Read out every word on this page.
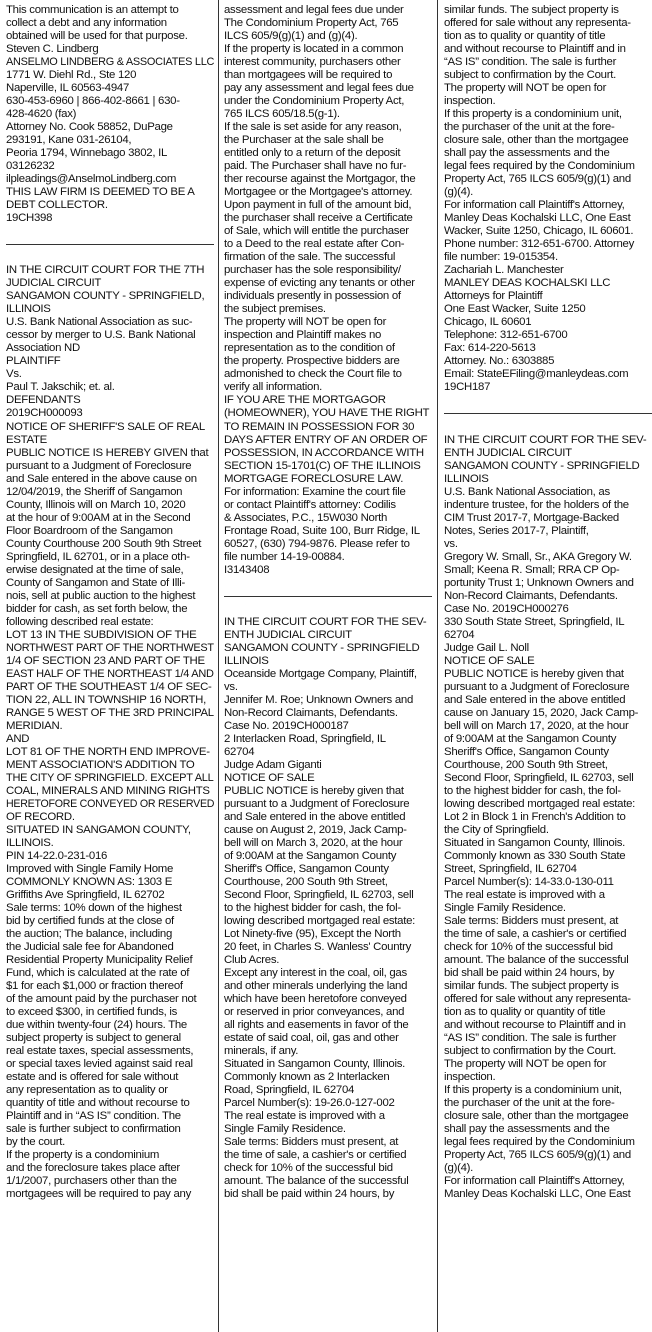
This communication is an attempt to
collect a debt and any information
obtained will be used for that purpose.
Steven C. Lindberg
ANSELMO LINDBERG & ASSOCIATES LLC
1771 W. Diehl Rd., Ste 120
Naperville, IL 60563-4947
630-453-6960 | 866-402-8661 | 630-
428-4620 (fax)
Attorney No. Cook 58852, DuPage
293191, Kane 031-26104,
Peoria 1794, Winnebago 3802, IL
03126232
ilpleadings@AnselmoLindberg.com
THIS LAW FIRM IS DEEMED TO BE A
DEBT COLLECTOR.
19CH398
IN THE CIRCUIT COURT FOR THE 7TH
JUDICIAL CIRCUIT
SANGAMON COUNTY - SPRINGFIELD,
ILLINOIS
U.S. Bank National Association as suc-
cessor by merger to U.S. Bank National
Association ND
PLAINTIFF
Vs.
Paul T. Jakschik; et. al.
DEFENDANTS
2019CH000093
NOTICE OF SHERIFF'S SALE OF REAL
ESTATE
PUBLIC NOTICE IS HEREBY GIVEN that
pursuant to a Judgment of Foreclosure
and Sale entered in the above cause on
12/04/2019, the Sheriff of Sangamon
County, Illinois will on March 10, 2020
at the hour of 9:00AM at in the Second
Floor Boardroom of the Sangamon
County Courthouse 200 South 9th Street
Springfield, IL 62701, or in a place oth-
erwise designated at the time of sale,
County of Sangamon and State of Illi-
nois, sell at public auction to the highest
bidder for cash, as set forth below, the
following described real estate:
LOT 13 IN THE SUBDIVISION OF THE
NORTHWEST PART OF THE NORTHWEST
1/4 OF SECTION 23 AND PART OF THE
EAST HALF OF THE NORTHEAST 1/4 AND
PART OF THE SOUTHEAST 1/4 OF SEC-
TION 22, ALL IN TOWNSHIP 16 NORTH,
RANGE 5 WEST OF THE 3RD PRINCIPAL
MERIDIAN.
AND
LOT 81 OF THE NORTH END IMPROVE-
MENT ASSOCIATION'S ADDITION TO
THE CITY OF SPRINGFIELD. EXCEPT ALL
COAL, MINERALS AND MINING RIGHTS
HERETOFORE CONVEYED OR RESERVED
OF RECORD.
SITUATED IN SANGAMON COUNTY,
ILLINOIS.
PIN 14-22.0-231-016
Improved with Single Family Home
COMMONLY KNOWN AS: 1303 E
Griffiths Ave Springfield, IL 62702
Sale terms: 10% down of the highest
bid by certified funds at the close of
the auction; The balance, including
the Judicial sale fee for Abandoned
Residential Property Municipality Relief
Fund, which is calculated at the rate of
$1 for each $1,000 or fraction thereof
of the amount paid by the purchaser not
to exceed $300, in certified funds, is
due within twenty-four (24) hours. The
subject property is subject to general
real estate taxes, special assessments,
or special taxes levied against said real
estate and is offered for sale without
any representation as to quality or
quantity of title and without recourse to
Plaintiff and in “AS IS” condition. The
sale is further subject to confirmation
by the court.
If the property is a condominium
and the foreclosure takes place after
1/1/2007, purchasers other than the
mortgagees will be required to pay any
assessment and legal fees due under
The Condominium Property Act, 765
ILCS 605/9(g)(1) and (g)(4).
If the property is located in a common
interest community, purchasers other
than mortgagees will be required to
pay any assessment and legal fees due
under the Condominium Property Act,
765 ILCS 605/18.5(g-1).
If the sale is set aside for any reason,
the Purchaser at the sale shall be
entitled only to a return of the deposit
paid. The Purchaser shall have no fur-
ther recourse against the Mortgagor, the
Mortgagee or the Mortgagee's attorney.
Upon payment in full of the amount bid,
the purchaser shall receive a Certificate
of Sale, which will entitle the purchaser
to a Deed to the real estate after Con-
firmation of the sale. The successful
purchaser has the sole responsibility/
expense of evicting any tenants or other
individuals presently in possession of
the subject premises.
The property will NOT be open for
inspection and Plaintiff makes no
representation as to the condition of
the property. Prospective bidders are
admonished to check the Court file to
verify all information.
IF YOU ARE THE MORTGAGOR
(HOMEOWNER), YOU HAVE THE RIGHT
TO REMAIN IN POSSESSION FOR 30
DAYS AFTER ENTRY OF AN ORDER OF
POSSESSION, IN ACCORDANCE WITH
SECTION 15-1701(C) OF THE ILLINOIS
MORTGAGE FORECLOSURE LAW.
For information: Examine the court file
or contact Plaintiff's attorney: Codilis
& Associates, P.C., 15W030 North
Frontage Road, Suite 100, Burr Ridge, IL
60527, (630) 794-9876. Please refer to
file number 14-19-00884.
I3143408
IN THE CIRCUIT COURT FOR THE SEV-
ENTH JUDICIAL CIRCUIT
SANGAMON COUNTY - SPRINGFIELD
ILLINOIS
Oceanside Mortgage Company, Plaintiff,
vs.
Jennifer M. Roe; Unknown Owners and
Non-Record Claimants, Defendants.
Case No. 2019CH000187
2 Interlacken Road, Springfield, IL
62704
Judge Adam Giganti
NOTICE OF SALE
PUBLIC NOTICE is hereby given that
pursuant to a Judgment of Foreclosure
and Sale entered in the above entitled
cause on August 2, 2019, Jack Camp-
bell will on March 3, 2020, at the hour
of 9:00AM at the Sangamon County
Sheriff's Office, Sangamon County
Courthouse, 200 South 9th Street,
Second Floor, Springfield, IL 62703, sell
to the highest bidder for cash, the fol-
lowing described mortgaged real estate:
Lot Ninety-five (95), Except the North
20 feet, in Charles S. Wanless' Country
Club Acres.
Except any interest in the coal, oil, gas
and other minerals underlying the land
which have been heretofore conveyed
or reserved in prior conveyances, and
all rights and easements in favor of the
estate of said coal, oil, gas and other
minerals, if any.
Situated in Sangamon County, Illinois.
Commonly known as 2 Interlacken
Road, Springfield, IL 62704
Parcel Number(s): 19-26.0-127-002
The real estate is improved with a
Single Family Residence.
Sale terms: Bidders must present, at
the time of sale, a cashier's or certified
check for 10% of the successful bid
amount. The balance of the successful
bid shall be paid within 24 hours, by
similar funds. The subject property is
offered for sale without any representa-
tion as to quality or quantity of title
and without recourse to Plaintiff and in
“AS IS” condition. The sale is further
subject to confirmation by the Court.
The property will NOT be open for
inspection.
If this property is a condominium unit,
the purchaser of the unit at the fore-
closure sale, other than the mortgagee
shall pay the assessments and the
legal fees required by the Condominium
Property Act, 765 ILCS 605/9(g)(1) and
(g)(4).
For information call Plaintiff's Attorney,
Manley Deas Kochalski LLC, One East
Wacker, Suite 1250, Chicago, IL 60601.
Phone number: 312-651-6700. Attorney
file number: 19-015354.
Zachariah L. Manchester
MANLEY DEAS KOCHALSKI LLC
Attorneys for Plaintiff
One East Wacker, Suite 1250
Chicago, IL 60601
Telephone: 312-651-6700
Fax: 614-220-5613
Attorney. No.: 6303885
Email: StateEFiling@manleydeas.com
19CH187
IN THE CIRCUIT COURT FOR THE SEV-
ENTH JUDICIAL CIRCUIT
SANGAMON COUNTY - SPRINGFIELD
ILLINOIS
U.S. Bank National Association, as
indenture trustee, for the holders of the
CIM Trust 2017-7, Mortgage-Backed
Notes, Series 2017-7, Plaintiff,
vs.
Gregory W. Small, Sr., AKA Gregory W.
Small; Keena R. Small; RRA CP Op-
portunity Trust 1; Unknown Owners and
Non-Record Claimants, Defendants.
Case No. 2019CH000276
330 South State Street, Springfield, IL
62704
Judge Gail L. Noll
NOTICE OF SALE
PUBLIC NOTICE is hereby given that
pursuant to a Judgment of Foreclosure
and Sale entered in the above entitled
cause on January 15, 2020, Jack Camp-
bell will on March 17, 2020, at the hour
of 9:00AM at the Sangamon County
Sheriff's Office, Sangamon County
Courthouse, 200 South 9th Street,
Second Floor, Springfield, IL 62703, sell
to the highest bidder for cash, the fol-
lowing described mortgaged real estate:
Lot 2 in Block 1 in French's Addition to
the City of Springfield.
Situated in Sangamon County, Illinois.
Commonly known as 330 South State
Street, Springfield, IL 62704
Parcel Number(s): 14-33.0-130-011
The real estate is improved with a
Single Family Residence.
Sale terms: Bidders must present, at
the time of sale, a cashier's or certified
check for 10% of the successful bid
amount. The balance of the successful
bid shall be paid within 24 hours, by
similar funds. The subject property is
offered for sale without any representa-
tion as to quality or quantity of title
and without recourse to Plaintiff and in
“AS IS” condition. The sale is further
subject to confirmation by the Court.
The property will NOT be open for
inspection.
If this property is a condominium unit,
the purchaser of the unit at the fore-
closure sale, other than the mortgagee
shall pay the assessments and the
legal fees required by the Condominium
Property Act, 765 ILCS 605/9(g)(1) and
(g)(4).
For information call Plaintiff's Attorney,
Manley Deas Kochalski LLC, One East
